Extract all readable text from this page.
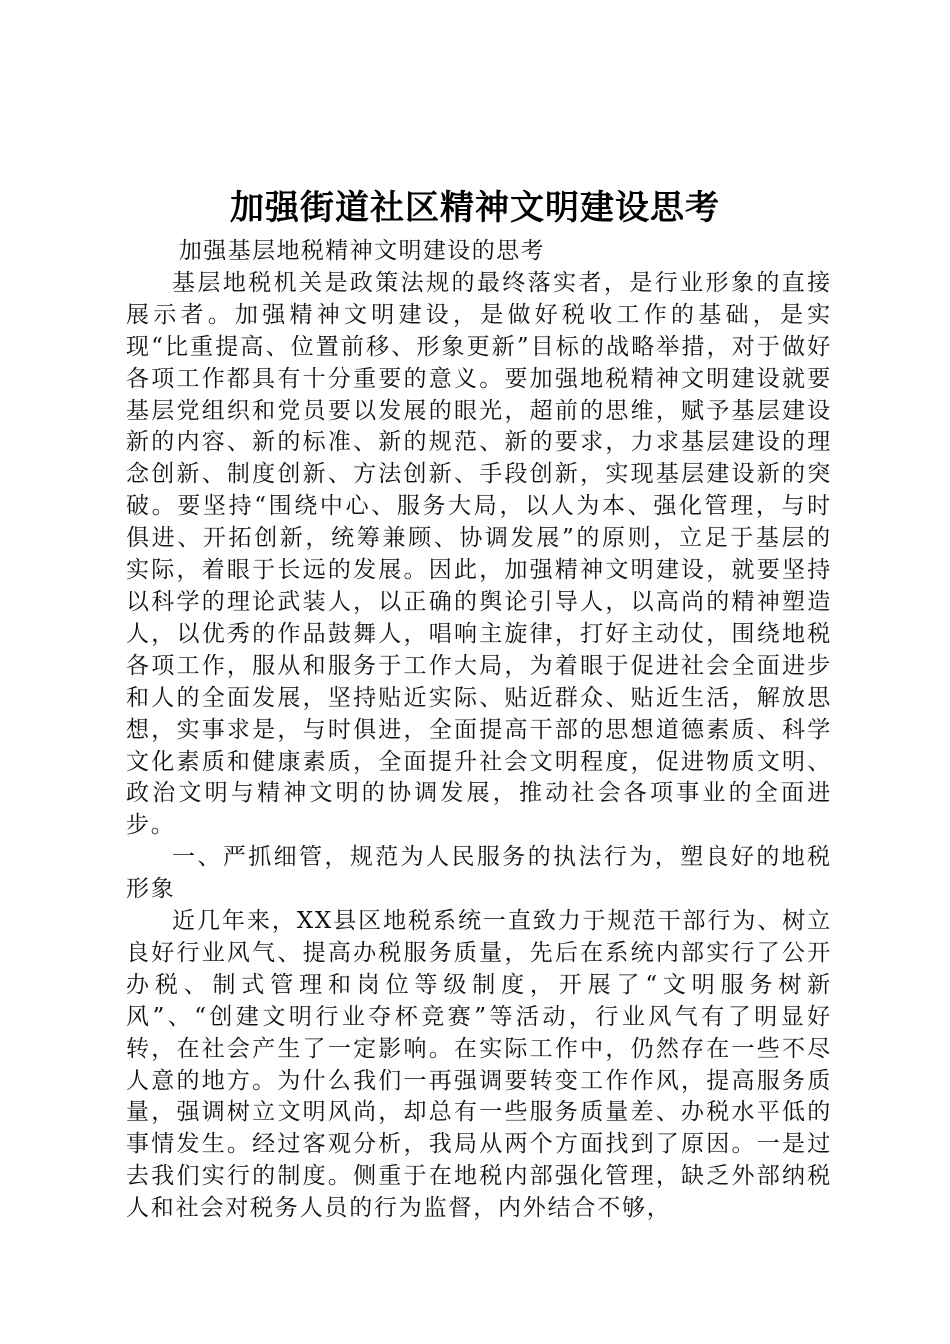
加强街道社区精神文明建设思考

加强基层地税精神文明建设的思考

基层地税机关是政策法规的最终落实者，是行业形象的直接展示者。加强精神文明建设，是做好税收工作的基础，是实现“比重提高、位置前移、形象更新”目标的战略举措，对于做好各项工作都具有十分重要的意义。要加强地税精神文明建设就要基层党组织和党员要以发展的眼光，超前的思维，赋予基层建设新的内容、新的标准、新的规范、新的要求，力求基层建设的理念创新、制度创新、方法创新、手段创新，实现基层建设新的突破。要坚持“围绕中心、服务大局，以人为本、强化管理，与时俱进、开拓创新，统筹兼顾、协调发展”的原则，立足于基层的实际，着眼于长远的发展。因此，加强精神文明建设，就要坚持以科学的理论武装人，以正确的舆论引导人，以高尚的精神塑造人，以优秀的作品鼓舞人，唱响主旋律，打好主动仗，围绕地税各项工作，服从和服务于工作大局，为着眼于促进社会全面进步和人的全面发展，坚持贴近实际、贴近群众、贴近生活，解放思想，实事求是，与时俱进，全面提高干部的思想道德素质、科学文化素质和健康素质，全面提升社会文明程度，促进物质文明、政治文明与精神文明的协调发展，推动社会各项事业的全面进步。

一、严抓细管，规范为人民服务的执法行为，塑良好的地税形象

近几年来，XX县区地税系统一直致力于规范干部行为、树立良好行业风气、提高办税服务质量，先后在系统内部实行了公开办税、制式管理和岗位等级制度，开展了“文明服务树新风”、“创建文明行业夺杯竞赛”等活动，行业风气有了明显好转，在社会产生了一定影响。在实际工作中，仍然存在一些不尽人意的地方。为什么我们一再强调要转变工作作风，提高服务质量，强调树立文明风尚，却总有一些服务质量差、办税水平低的事情发生。经过客观分析，我局从两个方面找到了原因。一是过去我们实行的制度。侧重于在地税内部强化管理，缺乏外部纳税人和社会对税务人员的行为监督，内外结合不够，
